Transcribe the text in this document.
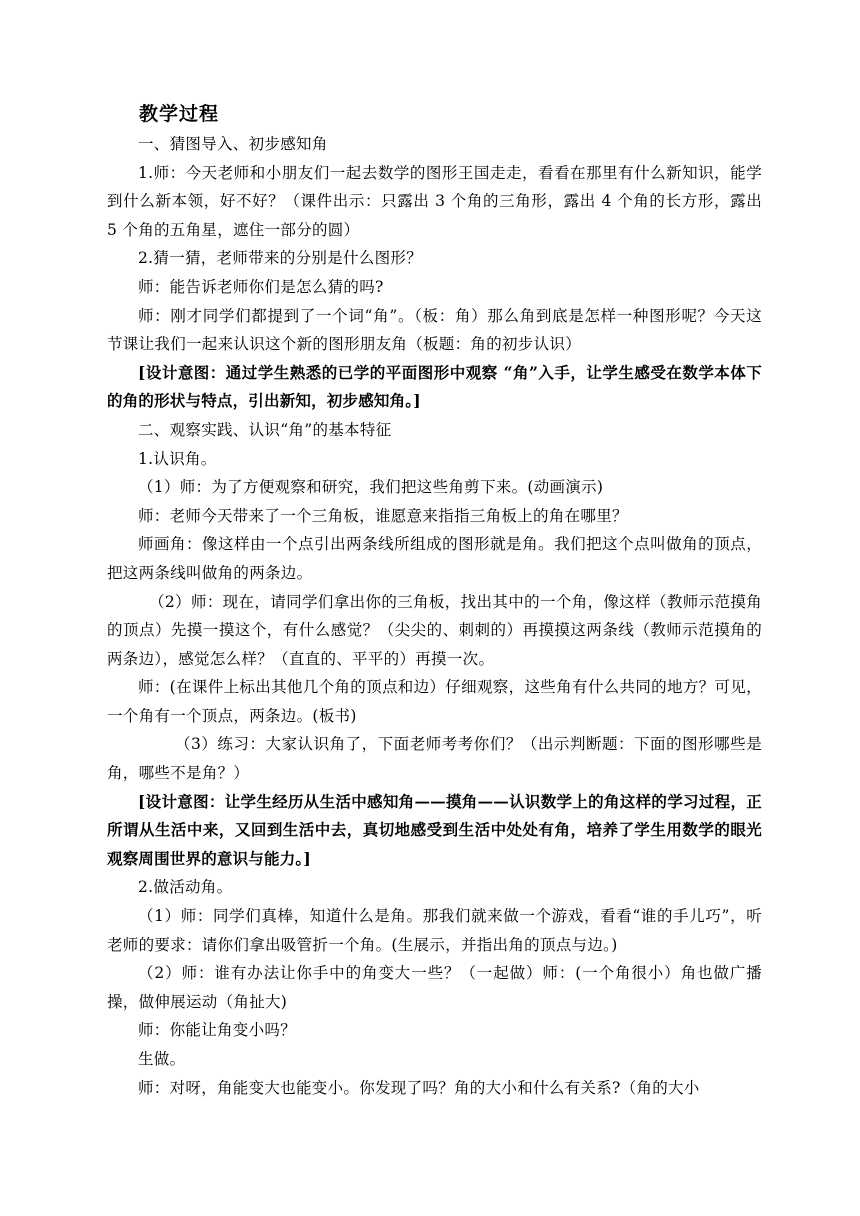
教学过程

一、猜图导入、初步感知角

1.师：今天老师和小朋友们一起去数学的图形王国走走，看看在那里有什么新知识，能学到什么新本领，好不好？（课件出示：只露出 3 个角的三角形，露出 4 个角的长方形，露出 5 个角的五角星，遮住一部分的圆）

2.猜一猜，老师带来的分别是什么图形？

师：能告诉老师你们是怎么猜的吗?

师：刚才同学们都提到了一个词“角”。（板：角）那么角到底是怎样一种图形呢？今天这节课让我们一起来认识这个新的图形朋友角（板题：角的初步认识）

[设计意图：通过学生熟悉的已学的平面图形中观察 “角”入手，让学生感受在数学本体下的角的形状与特点，引出新知，初步感知角。]

二、观察实践、认识“角”的基本特征

1.认识角。

（1）师：为了方便观察和研究，我们把这些角剪下来。(动画演示)

师：老师今天带来了一个三角板，谁愿意来指指三角板上的角在哪里？

师画角：像这样由一个点引出两条线所组成的图形就是角。我们把这个点叫做角的顶点，把这两条线叫做角的两条边。

（2）师：现在，请同学们拿出你的三角板，找出其中的一个角，像这样（教师示范摸角的顶点）先摸一摸这个，有什么感觉？（尖尖的、刺刺的）再摸摸这两条线（教师示范摸角的两条边），感觉怎么样？（直直的、平平的）再摸一次。

师：(在课件上标出其他几个角的顶点和边）仔细观察，这些角有什么共同的地方？可见，一个角有一个顶点，两条边。(板书)

（3）练习：大家认识角了，下面老师考考你们？（出示判断题：下面的图形哪些是角，哪些不是角？）

[设计意图：让学生经历从生活中感知角——摸角——认识数学上的角这样的学习过程，正所谓从生活中来，又回到生活中去，真切地感受到生活中处处有角，培养了学生用数学的眼光观察周围世界的意识与能力。]

2.做活动角。

（1）师：同学们真棒，知道什么是角。那我们就来做一个游戏，看看“谁的手儿巧”，听老师的要求：请你们拿出吸管折一个角。(生展示，并指出角的顶点与边。)

（2）师：谁有办法让你手中的角变大一些？（一起做）师：(一个角很小）角也做广播操，做伸展运动（角扯大)

师：你能让角变小吗？

生做。

师：对呀，角能变大也能变小。你发现了吗？角的大小和什么有关系?（角的大小
